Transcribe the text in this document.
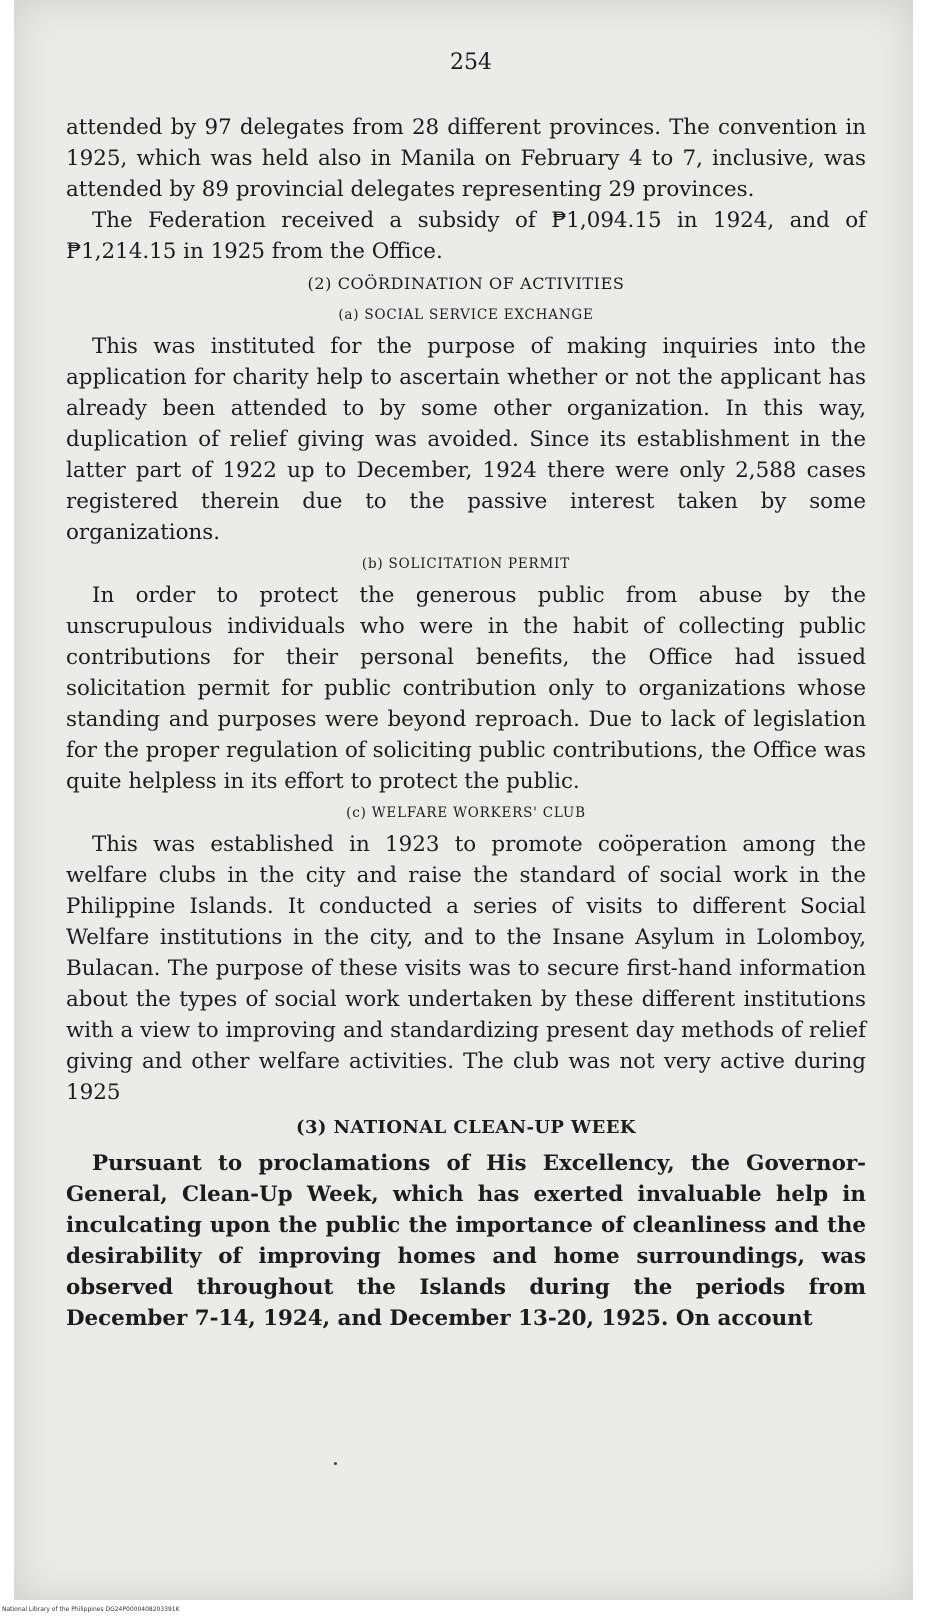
254

attended by 97 delegates from 28 different provinces. The convention in 1925, which was held also in Manila on February 4 to 7, inclusive, was attended by 89 provincial delegates representing 29 provinces.

The Federation received a subsidy of ₱1,094.15 in 1924, and of ₱1,214.15 in 1925 from the Office.

(2) COÖRDINATION OF ACTIVITIES
(a) SOCIAL SERVICE EXCHANGE

This was instituted for the purpose of making inquiries into the application for charity help to ascertain whether or not the applicant has already been attended to by some other organization. In this way, duplication of relief giving was avoided. Since its establishment in the latter part of 1922 up to December, 1924 there were only 2,588 cases registered therein due to the passive interest taken by some organizations.

(b) SOLICITATION PERMIT

In order to protect the generous public from abuse by the unscrupulous individuals who were in the habit of collecting public contributions for their personal benefits, the Office had issued solicitation permit for public contribution only to organizations whose standing and purposes were beyond reproach. Due to lack of legislation for the proper regulation of soliciting public contributions, the Office was quite helpless in its effort to protect the public.

(c) WELFARE WORKERS' CLUB

This was established in 1923 to promote coöperation among the welfare clubs in the city and raise the standard of social work in the Philippine Islands. It conducted a series of visits to different Social Welfare institutions in the city, and to the Insane Asylum in Lolomboy, Bulacan. The purpose of these visits was to secure first-hand information about the types of social work undertaken by these different institutions with a view to improving and standardizing present day methods of relief giving and other welfare activities. The club was not very active during 1925

(3) NATIONAL CLEAN-UP WEEK

Pursuant to proclamations of His Excellency, the Governor-General, Clean-Up Week, which has exerted invaluable help in inculcating upon the public the importance of cleanliness and the desirability of improving homes and home surroundings, was observed throughout the Islands during the periods from December 7-14, 1924, and December 13-20, 1925. On account

National Library of the Philippines DG24P0000408203391K
